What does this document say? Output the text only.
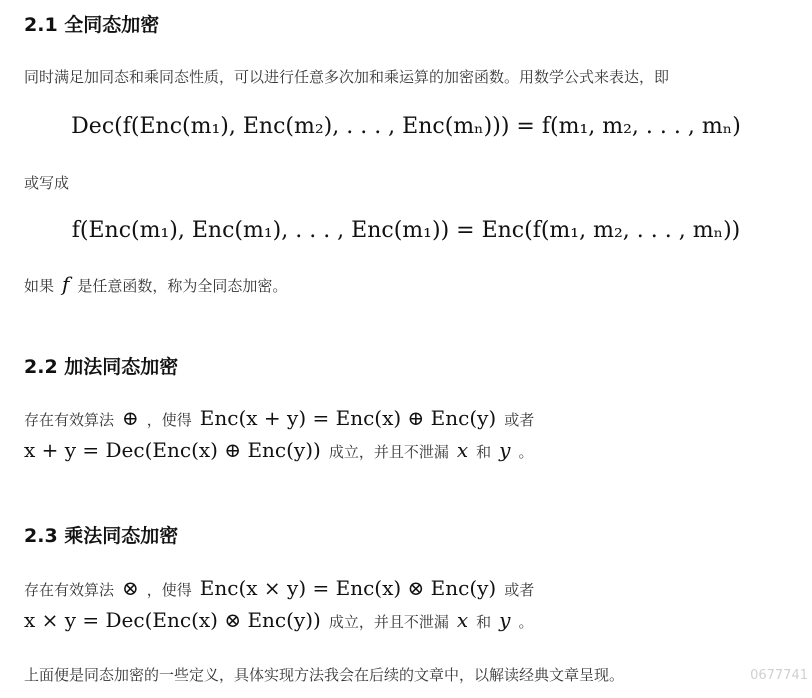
2.1 全同态加密

同时满足加同态和乘同态性质，可以进行任意多次加和乘运算的加密函数。用数学公式来表达，即

Dec(f(Enc(m₁), Enc(m₂), . . . , Enc(mₙ))) = f(m₁, m₂, . . . , mₙ)

或写成

f(Enc(m₁), Enc(m₁), . . . , Enc(m₁)) = Enc(f(m₁, m₂, . . . , mₙ))
如果 f 是任意函数，称为全同态加密。
2.2 加法同态加密
存在有效算法 ⊕ ，使得 Enc(x + y) = Enc(x) ⊕ Enc(y) 或者
x + y = Dec(Enc(x) ⊕ Enc(y)) 成立，并且不泄漏 x 和 y 。
2.3 乘法同态加密
存在有效算法 ⊗ ，使得 Enc(x × y) = Enc(x) ⊗ Enc(y) 或者
x × y = Dec(Enc(x) ⊗ Enc(y)) 成立，并且不泄漏 x 和 y 。

上面便是同态加密的一些定义，具体实现方法我会在后续的文章中，以解读经典文章呈现。	0677741
